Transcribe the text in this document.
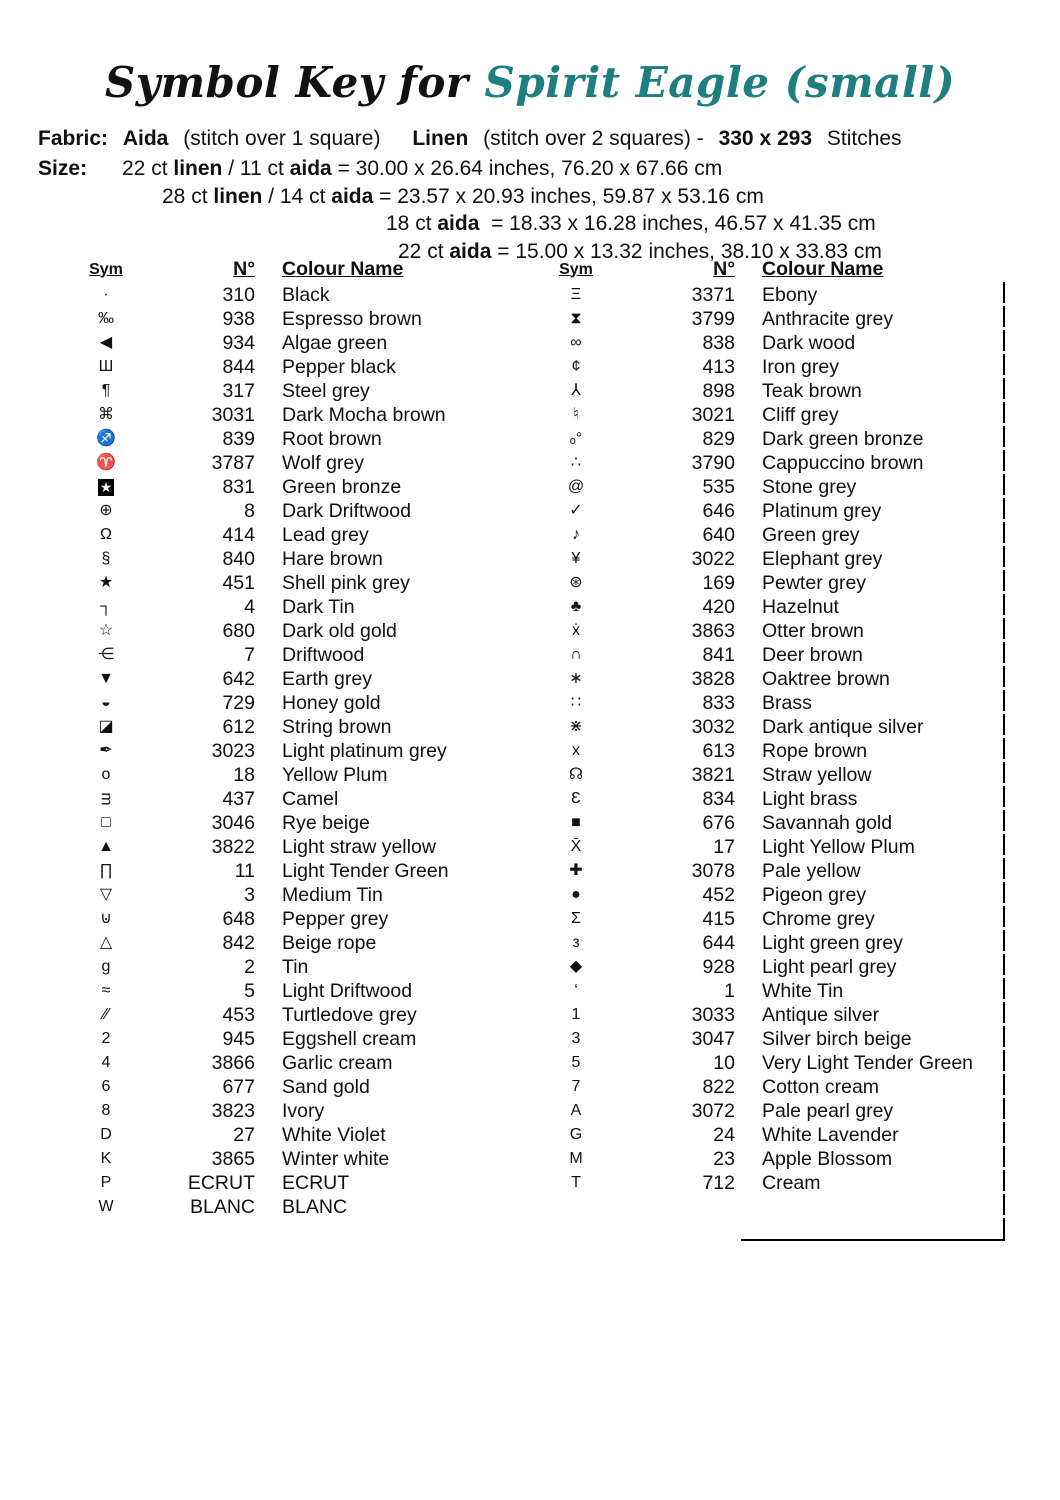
Symbol Key for Spirit Eagle (small)
Fabric: Aida (stitch over 1 square) Linen (stitch over 2 squares) - 330 x 293 Stitches
Size: 22 ct linen / 11 ct aida = 30.00 x 26.64 inches, 76.20 x 67.66 cm
28 ct linen / 14 ct aida = 23.57 x 20.93 inches, 59.87 x 53.16 cm
18 ct aida  = 18.33 x 16.28 inches, 46.57 x 41.35 cm
22 ct aida = 15.00 x 13.32 inches, 38.10 x 33.83 cm
Sym	N°	Colour Name
·	310	Black
‰	938	Espresso brown
◀	934	Algae green
Ш	844	Pepper black
¶	317	Steel grey
⌘	3031	Dark Mocha brown
♐	839	Root brown
♈	3787	Wolf grey
★	831	Green bronze
⊕	8	Dark Driftwood
Ω	414	Lead grey
§	840	Hare brown
★	451	Shell pink grey
┐	4	Dark Tin
☆	680	Dark old gold
⋲	7	Driftwood
▼	642	Earth grey
◒	729	Honey gold
◪	612	String brown
✒	3023	Light platinum grey
o	18	Yellow Plum
ᴟ	437	Camel
□	3046	Rye beige
▲	3822	Light straw yellow
∏	11	Light Tender Green
▽	3	Medium Tin
⊍	648	Pepper grey
△	842	Beige rope
g	2	Tin
≈	5	Light Driftwood
∕∕	453	Turtledove grey
2	945	Eggshell cream
4	3866	Garlic cream
6	677	Sand gold
8	3823	Ivory
D	27	White Violet
K	3865	Winter white
P	ECRUT	ECRUT
W	BLANC	BLANC
Sym	N°	Colour Name
Ξ	3371	Ebony
⧗	3799	Anthracite grey
∞	838	Dark wood
¢	413	Iron grey
⅄	898	Teak brown
♮	3021	Cliff grey
ₒ°	829	Dark green bronze
∴	3790	Cappuccino brown
@	535	Stone grey
✓	646	Platinum grey
♪	640	Green grey
¥	3022	Elephant grey
⊛	169	Pewter grey
♣	420	Hazelnut
ẋ	3863	Otter brown
∩	841	Deer brown
∗	3828	Oaktree brown
∷	833	Brass
⋇	3032	Dark antique silver
x	613	Rope brown
☊	3821	Straw yellow
Ɛ	834	Light brass
■	676	Savannah gold
X̄	17	Light Yellow Plum
✚	3078	Pale yellow
●	452	Pigeon grey
Σ	415	Chrome grey
ᴈ	644	Light green grey
◆	928	Light pearl grey
‘	1	White Tin
1	3033	Antique silver
3	3047	Silver birch beige
5	10	Very Light Tender Green
7	822	Cotton cream
A	3072	Pale pearl grey
G	24	White Lavender
M	23	Apple Blossom
T	712	Cream
